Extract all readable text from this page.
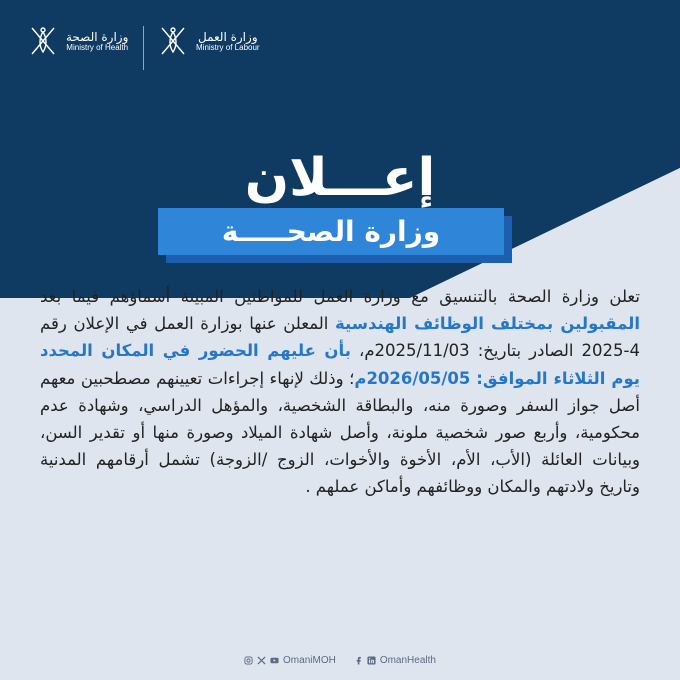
وزارة العمل
Ministry of Labour
وزارة الصحة
Ministry of Health
إعـــلان
وزارة الصحـــــة
تعلن وزارة الصحة بالتنسيق مع وزارة العمل للمواطنين المبينة أسماؤهم فيما بعد المقبولين بمختلف الوظائف الهندسية المعلن عنها بوزارة العمل في الإعلان رقم 4-2025 الصادر بتاريخ: 2025/11/03م، بأن عليهم الحضور في المكان المحدد يوم الثلاثاء الموافق: 2026/05/05م؛ وذلك لإنهاء إجراءات تعيينهم مصطحبين معهم أصل جواز السفر وصورة منه، والبطاقة الشخصية، والمؤهل الدراسي، وشهادة عدم محكومية، وأربع صور شخصية ملونة، وأصل شهادة الميلاد وصورة منها أو تقدير السن، وبيانات العائلة (الأب، الأم، الأخوة والأخوات، الزوج /الزوجة) تشمل أرقامهم المدنية وتاريخ ولادتهم والمكان ووظائفهم وأماكن عملهم .
OmaniMOH	OmanHealth
